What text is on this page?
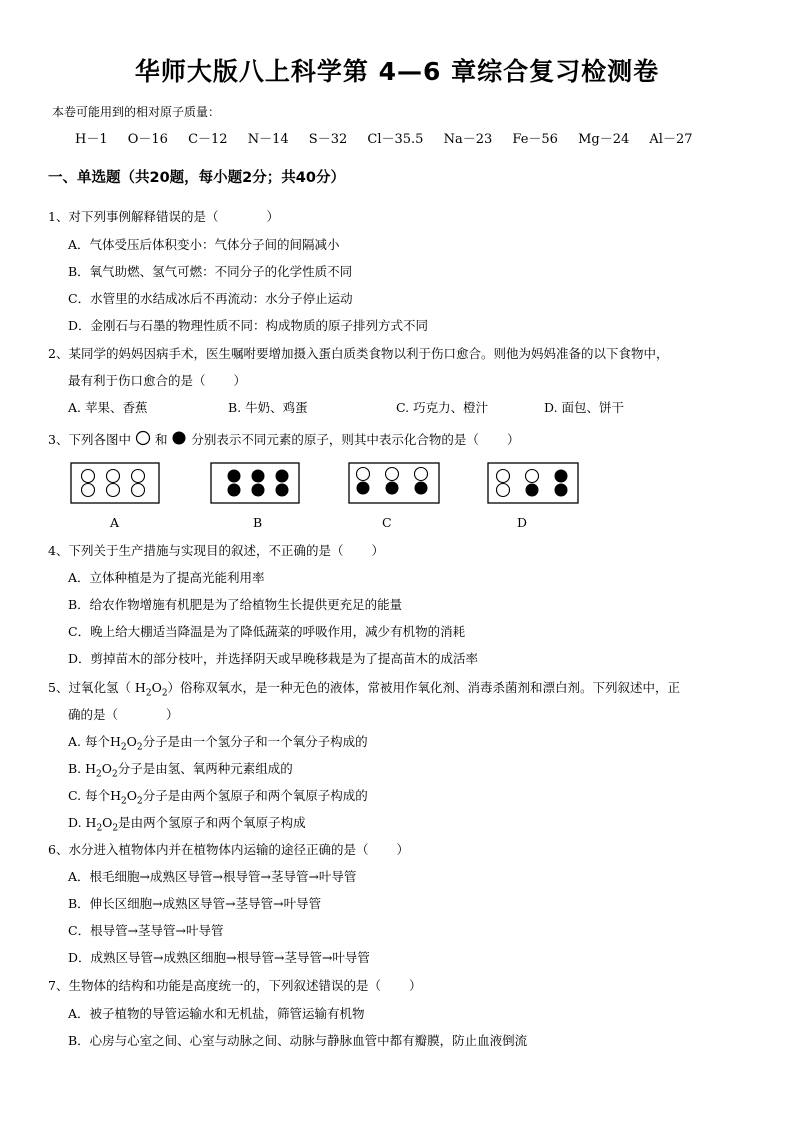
华师大版八上科学第 4—6 章综合复习检测卷
本卷可能用到的相对原子质量：
H－1 O－16 C－12 N－14 S－32 Cl－35.5 Na－23 Fe－56 Mg－24 Al－27
一、单选题（共20题，每小题2分；共40分）
1、对下列事例解释错误的是（	）
A．气体受压后体积变小：气体分子间的间隔减小
B．氧气助燃、氢气可燃：不同分子的化学性质不同
C．水管里的水结成冰后不再流动：水分子停止运动
D．金刚石与石墨的物理性质不同：构成物质的原子排列方式不同
2、某同学的妈妈因病手术，医生嘱咐要增加摄入蛋白质类食物以利于伤口愈合。则他为妈妈准备的以下食物中，
最有利于伤口愈合的是（ ）
A. 苹果、香蕉	B. 牛奶、鸡蛋	C. 巧克力、橙汁	D. 面包、饼干
3、下列各图中 和 分别表示不同元素的原子，则其中表示化合物的是（ ）
A	B	C	D
4、下列关于生产措施与实现目的叙述，不正确的是（ ）
A．立体种植是为了提高光能利用率
B．给农作物增施有机肥是为了给植物生长提供更充足的能量
C．晚上给大棚适当降温是为了降低蔬菜的呼吸作用，减少有机物的消耗
D．剪掉苗木的部分枝叶，并选择阴天或早晚移栽是为了提高苗木的成活率
5、过氧化氢（ $H_2O_2$）俗称双氧水，是一种无色的液体，常被用作氧化剂、消毒杀菌剂和漂白剂。下列叙述中，正
确的是（	）
A. 每个$H_2O_2$分子是由一个氢分子和一个氧分子构成的
B. $H_2O_2$分子是由氢、氧两种元素组成的
C. 每个$H_2O_2$分子是由两个氢原子和两个氧原子构成的
D. $H_2O_2$是由两个氢原子和两个氧原子构成
6、水分进入植物体内并在植物体内运输的途径正确的是（ ）
A．根毛细胞→成熟区导管→根导管→茎导管→叶导管
B．伸长区细胞→成熟区导管→茎导管→叶导管
C．根导管→茎导管→叶导管
D．成熟区导管→成熟区细胞→根导管→茎导管→叶导管
7、生物体的结构和功能是高度统一的，下列叙述错误的是（ ）
A．被子植物的导管运输水和无机盐，筛管运输有机物
B．心房与心室之间、心室与动脉之间、动脉与静脉血管中都有瓣膜，防止血液倒流
